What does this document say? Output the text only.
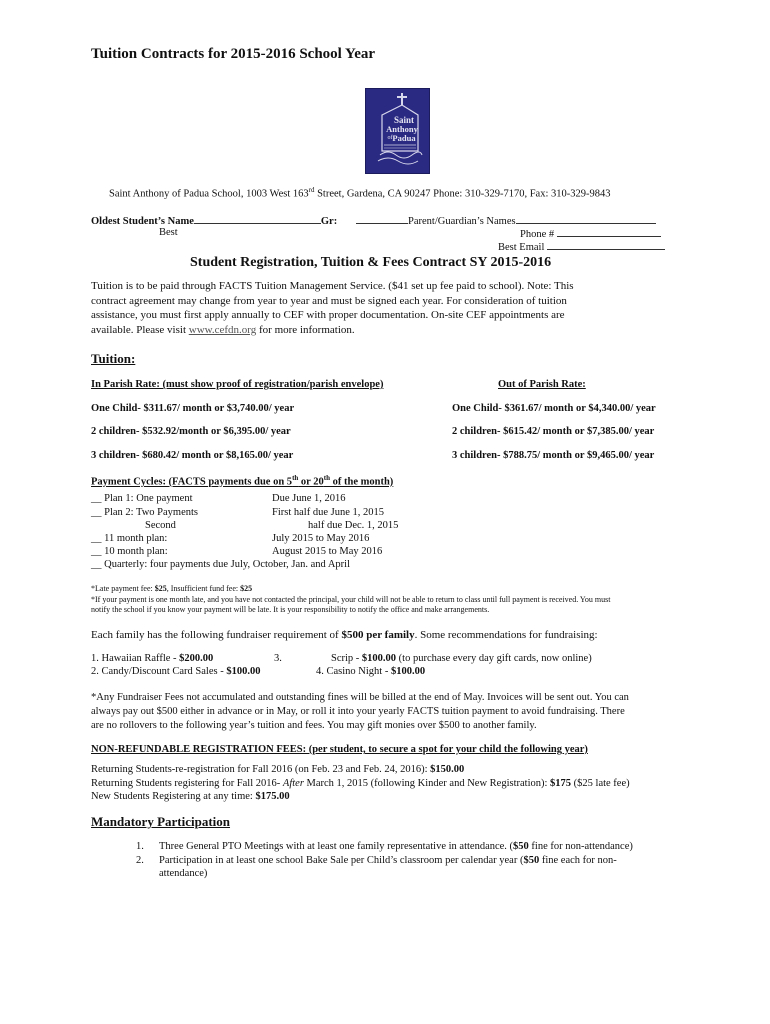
Tuition Contracts for 2015-2016 School Year
Saint
Anthony
of Padua
Saint Anthony of Padua School, 1003 West 163rd Street, Gardena, CA 90247 Phone: 310-329-7170, Fax: 310-329-9843
Oldest Student’s Name	Gr:	Parent/Guardian’s Names
Best	Phone #
Best Email
Student Registration, Tuition & Fees Contract SY 2015-2016
Tuition is to be paid through FACTS Tuition Management Service. ($41 set up fee paid to school). Note: This
contract agreement may change from year to year and must be signed each year. For consideration of tuition
assistance, you must first apply annually to CEF with proper documentation. On-site CEF appointments are
available. Please visit www.cefdn.org for more information.
Tuition:
In Parish Rate: (must show proof of registration/parish envelope)	Out of Parish Rate:
One Child- $311.67/ month or $3,740.00/ year	One Child- $361.67/ month or $4,340.00/ year
2 children- $532.92/month or $6,395.00/ year	2 children- $615.42/ month or $7,385.00/ year
3 children- $680.42/ month or $8,165.00/ year	3 children- $788.75/ month or $9,465.00/ year
Payment Cycles: (FACTS payments due on 5th or 20th of the month)
__ Plan 1: One payment	Due June 1, 2016
__ Plan 2: Two Payments	First half due June 1, 2015
Second	half due Dec. 1, 2015
__ 11 month plan:	July 2015 to May 2016
__ 10 month plan:	August 2015 to May 2016
__ Quarterly: four payments due July, October, Jan. and April
*Late payment fee: $25, Insufficient fund fee: $25
*If your payment is one month late, and you have not contacted the principal, your child will not be able to return to class until full payment is received. You must
notify the school if you know your payment will be late. It is your responsibility to notify the office and make arrangements.
Each family has the following fundraiser requirement of $500 per family. Some recommendations for fundraising:
1. Hawaiian Raffle - $200.00	3.	Scrip - $100.00 (to purchase every day gift cards, now online)
2. Candy/Discount Card Sales - $100.00	4. Casino Night - $100.00
*Any Fundraiser Fees not accumulated and outstanding fines will be billed at the end of May. Invoices will be sent out. You can
always pay out $500 either in advance or in May, or roll it into your yearly FACTS tuition payment to avoid fundraising. There
are no rollovers to the following year’s tuition and fees. You may gift monies over $500 to another family.
NON-REFUNDABLE REGISTRATION FEES: (per student, to secure a spot for your child the following year)
Returning Students-re-registration for Fall 2016 (on Feb. 23 and Feb. 24, 2016): $150.00
Returning Students registering for Fall 2016- After March 1, 2015 (following Kinder and New Registration): $175 ($25 late fee)
New Students Registering at any time: $175.00
Mandatory Participation
1. Three General PTO Meetings with at least one family representative in attendance. ($50 fine for non-attendance)
2. Participation in at least one school Bake Sale per Child’s classroom per calendar year ($50 fine each for non-
attendance)
